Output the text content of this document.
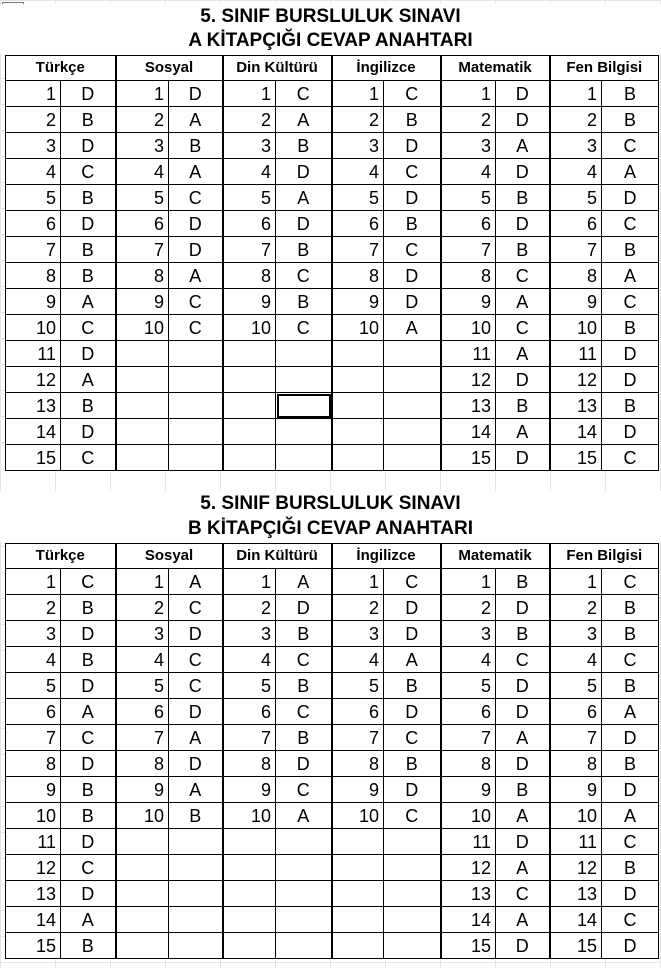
5. SINIF BURSLULUK SINAVI
A KİTAPÇIĞI CEVAP ANAHTARI
Türkçe		Sosyal		Din Kültürü		İngilizce		Matematik		Fen Bilgisi	
1	D	1	D	1	C	1	C	1	D	1	B
2	B	2	A	2	A	2	B	2	D	2	B
3	D	3	B	3	B	3	D	3	A	3	C
4	C	4	A	4	D	4	C	4	D	4	A
5	B	5	C	5	A	5	D	5	B	5	D
6	D	6	D	6	D	6	B	6	D	6	C
7	B	7	D	7	B	7	C	7	B	7	B
8	B	8	A	8	C	8	D	8	C	8	A
9	A	9	C	9	B	9	D	9	A	9	C
10	C	10	C	10	C	10	A	10	C	10	B
11	D							11	A	11	D
12	A							12	D	12	D
13	B							13	B	13	B
14	D							14	A	14	D
15	C							15	D	15	C
5. SINIF BURSLULUK SINAVI
B KİTAPÇIĞI CEVAP ANAHTARI
Türkçe		Sosyal		Din Kültürü		İngilizce		Matematik		Fen Bilgisi	
1	C	1	A	1	A	1	C	1	B	1	C
2	B	2	C	2	D	2	D	2	D	2	B
3	D	3	D	3	B	3	D	3	B	3	B
4	B	4	C	4	C	4	A	4	C	4	C
5	D	5	C	5	B	5	B	5	D	5	B
6	A	6	D	6	C	6	D	6	D	6	A
7	C	7	A	7	B	7	C	7	A	7	D
8	D	8	D	8	D	8	B	8	D	8	B
9	B	9	A	9	C	9	D	9	B	9	D
10	B	10	B	10	A	10	C	10	A	10	A
11	D							11	D	11	C
12	C							12	A	12	B
13	D							13	C	13	D
14	A							14	A	14	C
15	B							15	D	15	D
